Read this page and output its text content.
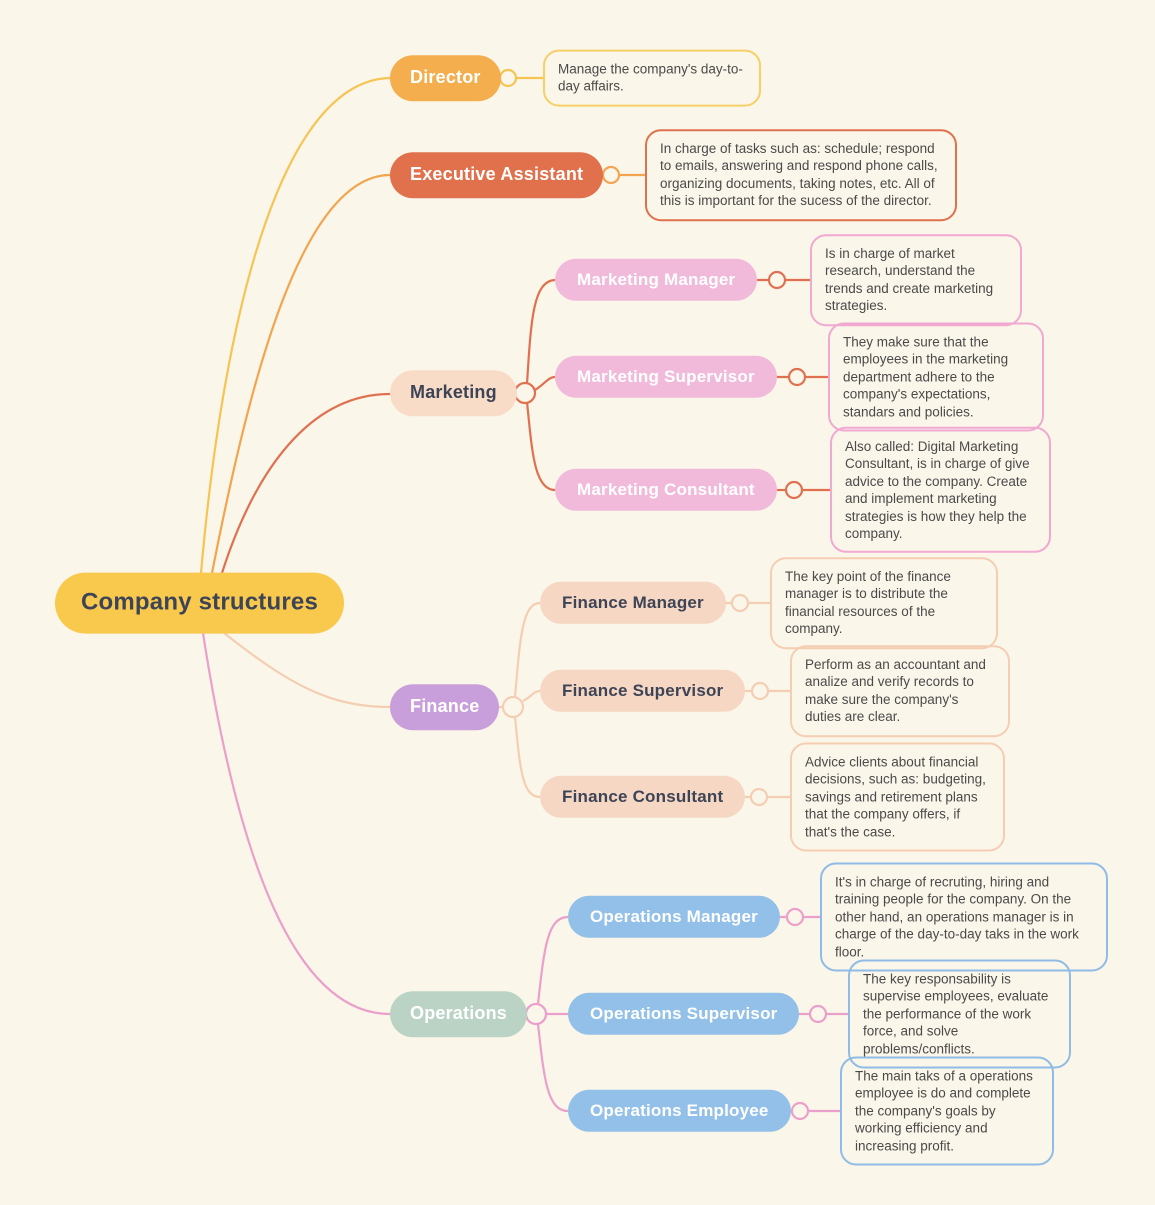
Company structures
Director
Executive Assistant
Marketing
Finance
Operations
Marketing Manager
Marketing Supervisor
Marketing Consultant
Finance Manager
Finance Supervisor
Finance Consultant
Operations Manager
Operations Supervisor
Operations Employee
Manage the company's day-to-day affairs.
In charge of tasks such as: schedule; respond to emails, answering and respond phone calls, organizing documents, taking notes, etc. All of this is important for the sucess of the director.
Is in charge of market research, understand the trends and create marketing strategies.
They make sure that the employees in the marketing department adhere to the company's expectations, standars and policies.
Also called: Digital Marketing Consultant, is in charge of give advice to the company. Create and implement marketing strategies is how they help the company.
The key point of the finance manager is to distribute the financial resources of the company.
Perform as an accountant and analize and verify records to make sure the company's duties are clear.
Advice clients about financial decisions, such as: budgeting, savings and retirement plans that the company offers, if that's the case.
It's in charge of recruting, hiring and training people for the company. On the other hand, an operations manager is in charge of the day-to-day taks in the work floor.
The key responsability is supervise employees, evaluate the performance of the work force, and solve problems/conflicts.
The main taks of a operations employee is do and complete the company's goals by working efficiency and increasing profit.
